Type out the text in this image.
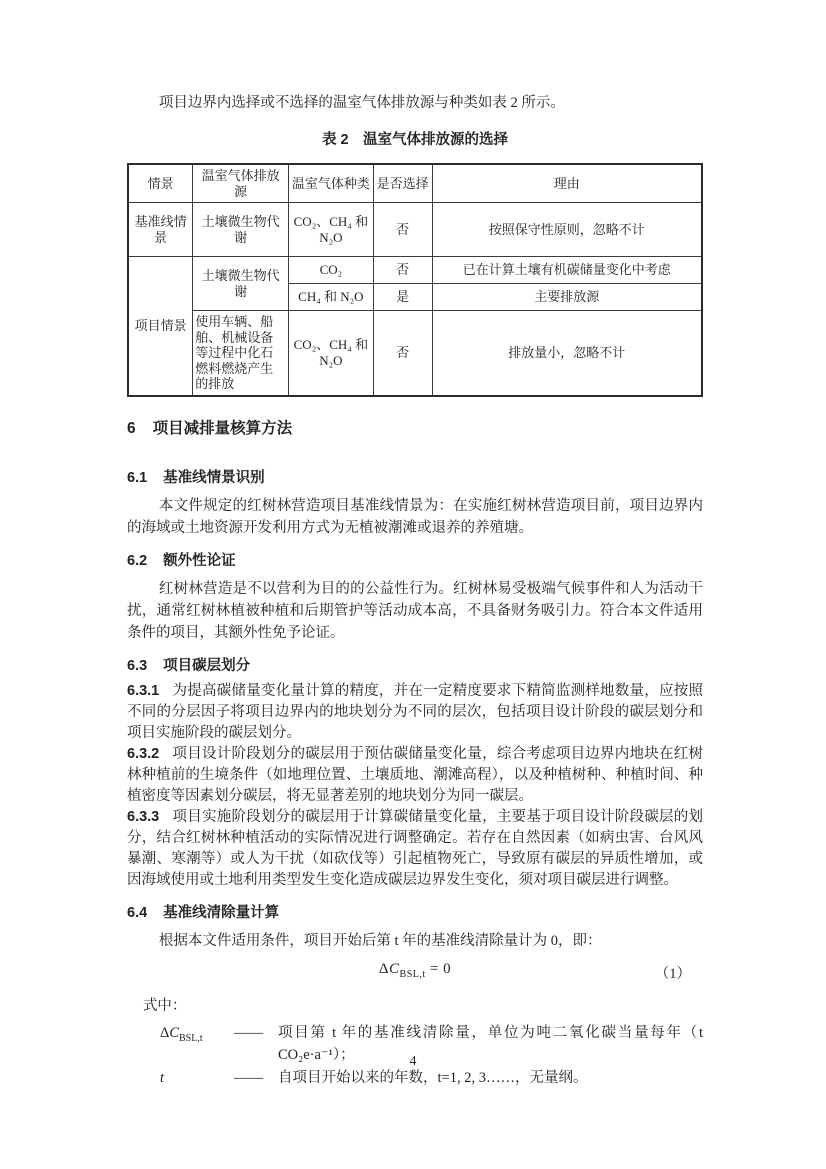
项目边界内选择或不选择的温室气体排放源与种类如表 2 所示。

表 2　温室气体排放源的选择
情景	温室气体排放源	温室气体种类	是否选择	理由
基准线情景	土壤微生物代谢	CO₂、CH₄ 和 N₂O	否	按照保守性原则，忽略不计
项目情景	土壤微生物代谢	CO₂	否	已在计算土壤有机碳储量变化中考虑
		CH₄ 和 N₂O	是	主要排放源
	使用车辆、船舶、机械设备等过程中化石燃料燃烧产生的排放	CO₂、CH₄ 和 N₂O	否	排放量小，忽略不计
6 项目减排量核算方法
6.1 基准线情景识别

本文件规定的红树林营造项目基准线情景为：在实施红树林营造项目前，项目边界内的海域或土地资源开发利用方式为无植被潮滩或退养的养殖塘。

6.2 额外性论证

红树林营造是不以营利为目的的公益性行为。红树林易受极端气候事件和人为活动干扰，通常红树林植被种植和后期管护等活动成本高，不具备财务吸引力。符合本文件适用条件的项目，其额外性免予论证。

6.3 项目碳层划分

6.3.1 为提高碳储量变化量计算的精度，并在一定精度要求下精简监测样地数量，应按照不同的分层因子将项目边界内的地块划分为不同的层次，包括项目设计阶段的碳层划分和项目实施阶段的碳层划分。

6.3.2 项目设计阶段划分的碳层用于预估碳储量变化量，综合考虑项目边界内地块在红树林种植前的生境条件（如地理位置、土壤质地、潮滩高程），以及种植树种、种植时间、种植密度等因素划分碳层，将无显著差别的地块划分为同一碳层。

6.3.3 项目实施阶段划分的碳层用于计算碳储量变化量，主要基于项目设计阶段碳层的划分，结合红树林种植活动的实际情况进行调整确定。若存在自然因素（如病虫害、台风风暴潮、寒潮等）或人为干扰（如砍伐等）引起植物死亡，导致原有碳层的异质性增加，或因海域使用或土地利用类型发生变化造成碳层边界发生变化，须对项目碳层进行调整。

6.4 基准线清除量计算

根据本文件适用条件，项目开始后第 t 年的基准线清除量计为 0，即：

$\Delta C_{BSL,t} = 0$	（1）

式中：

$\Delta C_{BSL,t}$	——	项目第 t 年的基准线清除量，单位为吨二氧化碳当量每年（t CO₂e·a⁻¹）；
t	——	自项目开始以来的年数，t=1, 2, 3……，无量纲。
4
